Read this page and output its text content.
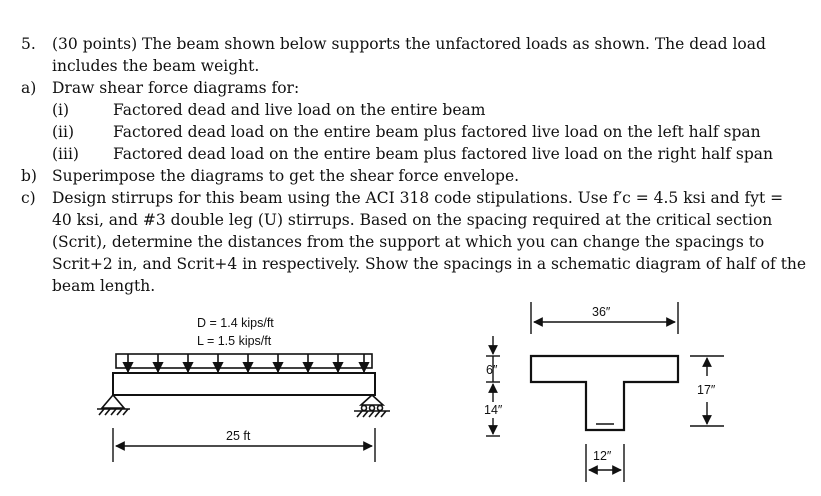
5. (30 points) The beam shown below supports the unfactored loads as shown. The dead load
includes the beam weight.
a) Draw shear force diagrams for:
(i)	Factored dead and live load on the entire beam
(ii)	Factored dead load on the entire beam plus factored live load on the left half span
(iii) Factored dead load on the entire beam plus factored live load on the right half span
b) Superimpose the diagrams to get the shear force envelope.
c) Design stirrups for this beam using the ACI 318 code stipulations. Use f′c = 4.5 ksi and fyt =
40 ksi, and #3 double leg (U) stirrups. Based on the spacing required at the critical section
(Scrit), determine the distances from the support at which you can change the spacings to
Scrit+2 in, and Scrit+4 in respectively. Show the spacings in a schematic diagram of half of the
beam length.
D = 1.4 kips/ft
L = 1.5 kips/ft
25 ft
36″
6″
14″
17″
12″
